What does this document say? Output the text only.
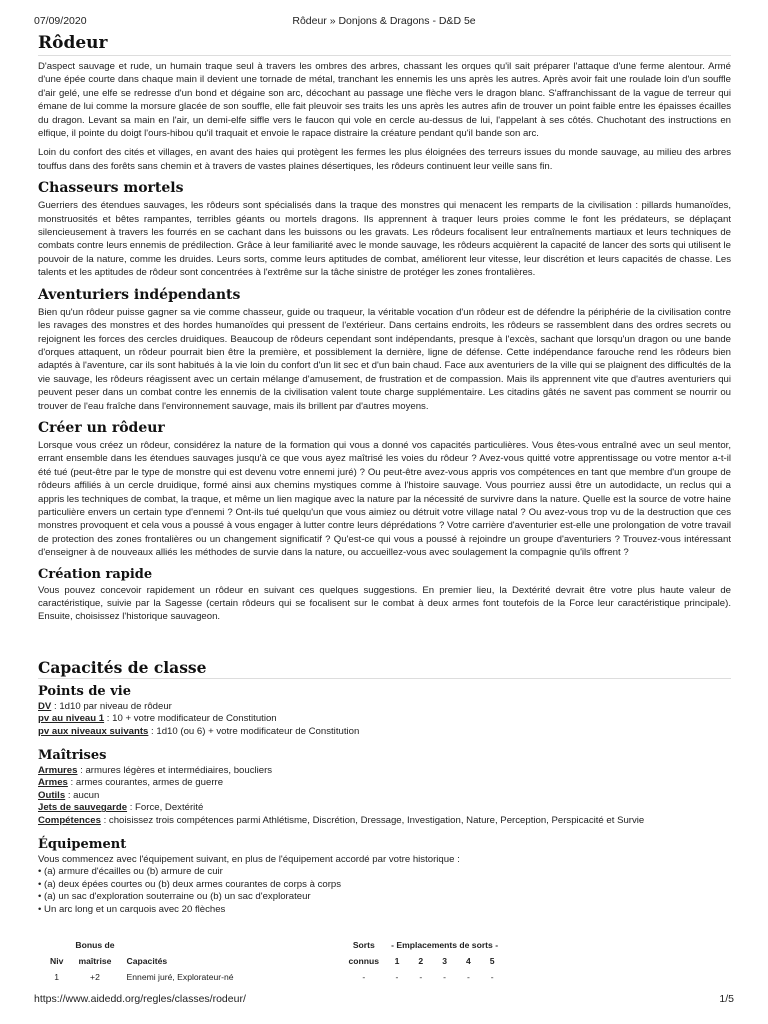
07/09/2020	Rôdeur » Donjons & Dragons - D&D 5e
Rôdeur

D'aspect sauvage et rude, un humain traque seul à travers les ombres des arbres, chassant les orques qu'il sait préparer l'attaque d'une ferme alentour. Armé d'une épée courte dans chaque main il devient une tornade de métal, tranchant les ennemis les uns après les autres. Après avoir fait une roulade loin d'un souffle d'air gelé, une elfe se redresse d'un bond et dégaine son arc, décochant au passage une flèche vers le dragon blanc. S'affranchissant de la vague de terreur qui émane de lui comme la morsure glacée de son souffle, elle fait pleuvoir ses traits les uns après les autres afin de trouver un point faible entre les épaisses écailles du dragon. Levant sa main en l'air, un demi-elfe siffle vers le faucon qui vole en cercle au-dessus de lui, l'appelant à ses côtés. Chuchotant des instructions en elfique, il pointe du doigt l'ours-hibou qu'il traquait et envoie le rapace distraire la créature pendant qu'il bande son arc.

Loin du confort des cités et villages, en avant des haies qui protègent les fermes les plus éloignées des terreurs issues du monde sauvage, au milieu des arbres touffus dans des forêts sans chemin et à travers de vastes plaines désertiques, les rôdeurs continuent leur veille sans fin.

Chasseurs mortels

Guerriers des étendues sauvages, les rôdeurs sont spécialisés dans la traque des monstres qui menacent les remparts de la civilisation : pillards humanoïdes, monstruosités et bêtes rampantes, terribles géants ou mortels dragons. Ils apprennent à traquer leurs proies comme le font les prédateurs, se déplaçant silencieusement à travers les fourrés en se cachant dans les buissons ou les gravats. Les rôdeurs focalisent leur entraînements martiaux et leurs techniques de combats contre leurs ennemis de prédilection. Grâce à leur familiarité avec le monde sauvage, les rôdeurs acquièrent la capacité de lancer des sorts qui utilisent le pouvoir de la nature, comme les druides. Leurs sorts, comme leurs aptitudes de combat, améliorent leur vitesse, leur discrétion et leurs capacités de chasse. Les talents et les aptitudes de rôdeur sont concentrées à l'extrême sur la tâche sinistre de protéger les zones frontalières.

Aventuriers indépendants

Bien qu'un rôdeur puisse gagner sa vie comme chasseur, guide ou traqueur, la véritable vocation d'un rôdeur est de défendre la périphérie de la civilisation contre les ravages des monstres et des hordes humanoïdes qui pressent de l'extérieur. Dans certains endroits, les rôdeurs se rassemblent dans des ordres secrets ou rejoignent les forces des cercles druidiques. Beaucoup de rôdeurs cependant sont indépendants, presque à l'excès, sachant que lorsqu'un dragon ou une bande d'orques attaquent, un rôdeur pourrait bien être la première, et possiblement la dernière, ligne de défense. Cette indépendance farouche rend les rôdeurs bien adaptés à l'aventure, car ils sont habitués à la vie loin du confort d'un lit sec et d'un bain chaud. Face aux aventuriers de la ville qui se plaignent des difficultés de la vie sauvage, les rôdeurs réagissent avec un certain mélange d'amusement, de frustration et de compassion. Mais ils apprennent vite que d'autres aventuriers qui peuvent peser dans un combat contre les ennemis de la civilisation valent toute charge supplémentaire. Les citadins gâtés ne savent pas comment se nourrir ou trouver de l'eau fraîche dans l'environnement sauvage, mais ils brillent par d'autres moyens.

Créer un rôdeur

Lorsque vous créez un rôdeur, considérez la nature de la formation qui vous a donné vos capacités particulières. Vous êtes-vous entraîné avec un seul mentor, errant ensemble dans les étendues sauvages jusqu'à ce que vous ayez maîtrisé les voies du rôdeur ? Avez-vous quitté votre apprentissage ou votre mentor a-t-il été tué (peut-être par le type de monstre qui est devenu votre ennemi juré) ? Ou peut-être avez-vous appris vos compétences en tant que membre d'un groupe de rôdeurs affiliés à un cercle druidique, formé ainsi aux chemins mystiques comme à l'histoire sauvage. Vous pourriez aussi être un autodidacte, un reclus qui a appris les techniques de combat, la traque, et même un lien magique avec la nature par la nécessité de survivre dans la nature. Quelle est la source de votre haine particulière envers un certain type d'ennemi ? Ont-ils tué quelqu'un que vous aimiez ou détruit votre village natal ? Ou avez-vous trop vu de la destruction que ces monstres provoquent et cela vous a poussé à vous engager à lutter contre leurs déprédations ? Votre carrière d'aventurier est-elle une prolongation de votre travail de protection des zones frontalières ou un changement significatif ? Qu'est-ce qui vous a poussé à rejoindre un groupe d'aventuriers ? Trouvez-vous intéressant d'enseigner à de nouveaux alliés les méthodes de survie dans la nature, ou accueillez-vous avec soulagement la compagnie qu'ils offrent ?

Création rapide

Vous pouvez concevoir rapidement un rôdeur en suivant ces quelques suggestions. En premier lieu, la Dextérité devrait être votre plus haute valeur de caractéristique, suivie par la Sagesse (certain rôdeurs qui se focalisent sur le combat à deux armes font toutefois de la Force leur caractéristique principale). Ensuite, choisissez l'historique sauvageon.

Capacités de classe
Points de vie
DV : 1d10 par niveau de rôdeur
pv au niveau 1 : 10 + votre modificateur de Constitution
pv aux niveaux suivants : 1d10 (ou 6) + votre modificateur de Constitution
Maîtrises
Armures : armures légères et intermédiaires, boucliers
Armes : armes courantes, armes de guerre
Outils : aucun
Jets de sauvegarde : Force, Dextérité
Compétences : choisissez trois compétences parmi Athlétisme, Discrétion, Dressage, Investigation, Nature, Perception, Perspicacité et Survie
Équipement
Vous commencez avec l'équipement suivant, en plus de l'équipement accordé par votre historique :
• (a) armure d'écailles ou (b) armure de cuir
• (a) deux épées courtes ou (b) deux armes courantes de corps à corps
• (a) un sac d'exploration souterraine ou (b) un sac d'explorateur
• Un arc long et un carquois avec 20 flèches
	Bonus de		Sorts	- Emplacements de sorts -				
Niv	maîtrise	Capacités	connus	1	2	3	4	5
1	+2	Ennemi juré, Explorateur-né	-	-	-	-	-	-
https://www.aidedd.org/regles/classes/rodeur/	1/5
